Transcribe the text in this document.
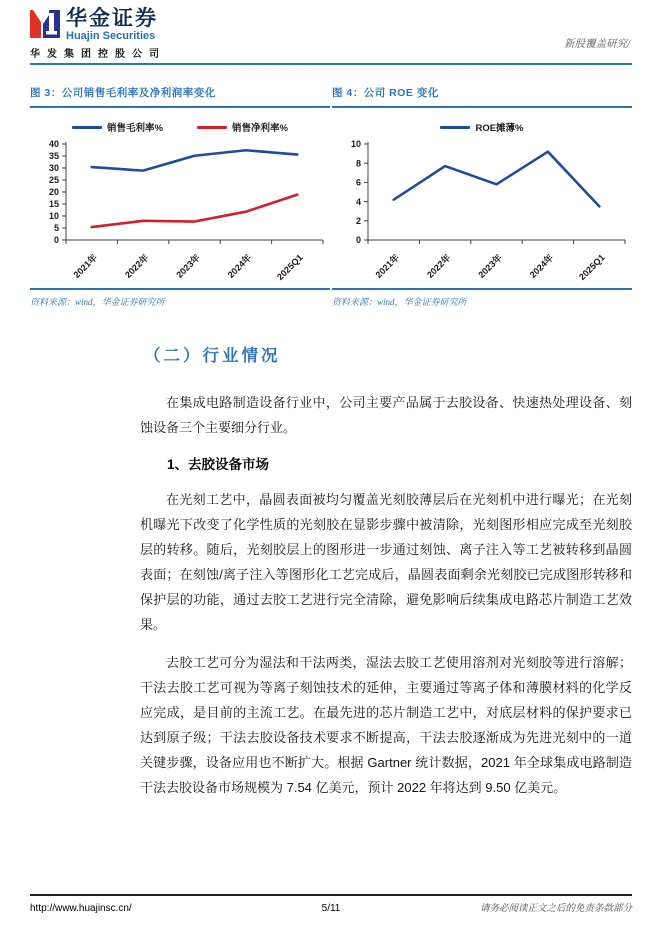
华金证券
Huajin Securities
华发集团控股公司
新股覆盖研究/
图 3：公司销售毛利率及净利润率变化
销售毛利率%	销售净利率%
0
5
10
15
20
25
30
35
40
2021年	2022年	2023年	2024年 2025Q1
资料来源：wind，华金证券研究所
图 4：公司 ROE 变化
ROE摊薄%
0
2
4
6
8
10
2021年	2022年	2023年	2024年 2025Q1
资料来源：wind，华金证券研究所
（二）行业情况

在集成电路制造设备行业中，公司主要产品属于去胶设备、快速热处理设备、刻蚀设备三个主要细分行业。

1、去胶设备市场

在光刻工艺中，晶圆表面被均匀覆盖光刻胶薄层后在光刻机中进行曝光；在光刻机曝光下改变了化学性质的光刻胶在显影步骤中被清除，光刻图形相应完成至光刻胶层的转移。随后，光刻胶层上的图形进一步通过刻蚀、离子注入等工艺被转移到晶圆表面；在刻蚀/离子注入等图形化工艺完成后，晶圆表面剩余光刻胶已完成图形转移和保护层的功能，通过去胶工艺进行完全清除，避免影响后续集成电路芯片制造工艺效果。

去胶工艺可分为湿法和干法两类，湿法去胶工艺使用溶剂对光刻胶等进行溶解；干法去胶工艺可视为等离子刻蚀技术的延伸，主要通过等离子体和薄膜材料的化学反应完成，是目前的主流工艺。在最先进的芯片制造工艺中，对底层材料的保护要求已达到原子级；干法去胶设备技术要求不断提高，干法去胶逐渐成为先进光刻中的一道关键步骤，设备应用也不断扩大。根据 Gartner 统计数据，2021 年全球集成电路制造干法去胶设备市场规模为 7.54 亿美元，预计 2022 年将达到 9.50 亿美元。

http://www.huajinsc.cn/	5/11	请务必阅读正文之后的免责条款部分
